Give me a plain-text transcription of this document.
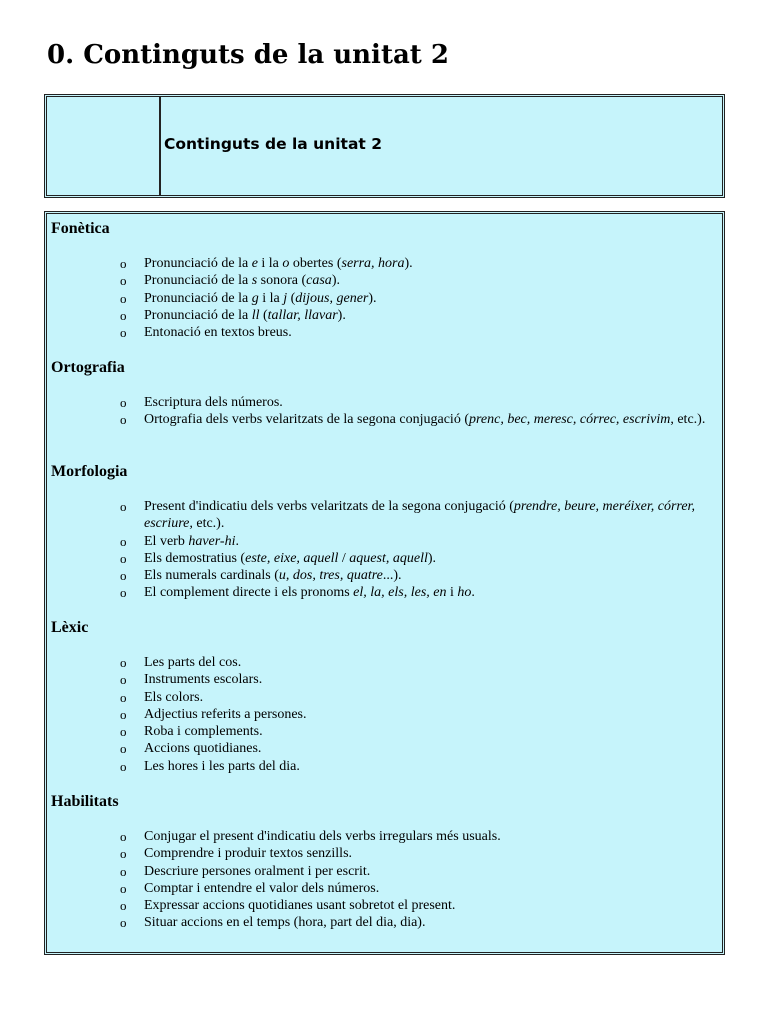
0. Continguts de la unitat 2
Continguts de la unitat 2
Fonètica
o Pronunciació de la e i la o obertes (serra, hora).
o Pronunciació de la s sonora (casa).
o Pronunciació de la g i la j (dijous, gener).
o Pronunciació de la ll (tallar, llavar).
o Entonació en textos breus.
Ortografia
o Escriptura dels números.
o Ortografia dels verbs velaritzats de la segona conjugació (prenc, bec, meresc, córrec, escrivim, etc.).
Morfologia
o Present d'indicatiu dels verbs velaritzats de la segona conjugació (prendre, beure, meréixer, córrer, escriure, etc.).
o El verb haver-hi.
o Els demostratius (este, eixe, aquell / aquest, aquell).
o Els numerals cardinals (u, dos, tres, quatre...).
o El complement directe i els pronoms el, la, els, les, en i ho.
Lèxic
o Les parts del cos.
o Instruments escolars.
o Els colors.
o Adjectius referits a persones.
o Roba i complements.
o Accions quotidianes.
o Les hores i les parts del dia.
Habilitats
o Conjugar el present d'indicatiu dels verbs irregulars més usuals.
o Comprendre i produir textos senzills.
o Descriure persones oralment i per escrit.
o Comptar i entendre el valor dels números.
o Expressar accions quotidianes usant sobretot el present.
o Situar accions en el temps (hora, part del dia, dia).
